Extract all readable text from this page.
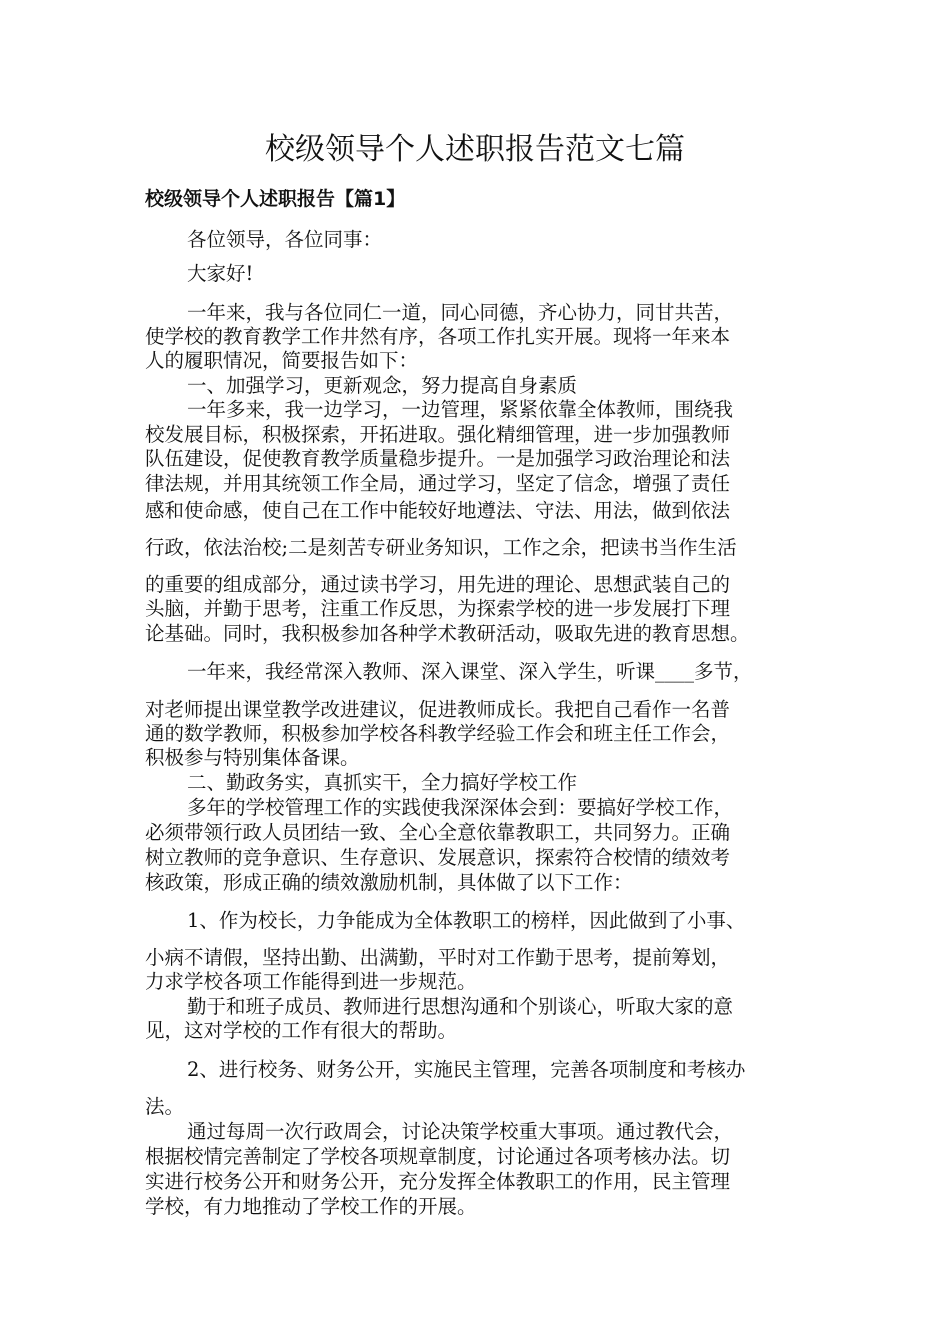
校级领导个人述职报告范文七篇
校级领导个人述职报告【篇1】
各位领导，各位同事：
大家好!
一年来，我与各位同仁一道，同心同德，齐心协力，同甘共苦，
使学校的教育教学工作井然有序，各项工作扎实开展。现将一年来本
人的履职情况，简要报告如下：
一、加强学习，更新观念，努力提高自身素质
一年多来，我一边学习，一边管理，紧紧依靠全体教师，围绕我
校发展目标，积极探索，开拓进取。强化精细管理，进一步加强教师
队伍建设，促使教育教学质量稳步提升。一是加强学习政治理论和法
律法规，并用其统领工作全局，通过学习，坚定了信念，增强了责任
感和使命感，使自己在工作中能较好地遵法、守法、用法，做到依法
行政，依法治校;二是刻苦专研业务知识，工作之余，把读书当作生活
的重要的组成部分，通过读书学习，用先进的理论、思想武装自己的
头脑，并勤于思考，注重工作反思，为探索学校的进一步发展打下理
论基础。同时，我积极参加各种学术教研活动，吸取先进的教育思想。
一年来，我经常深入教师、深入课堂、深入学生，听课____多节，
对老师提出课堂教学改进建议，促进教师成长。我把自己看作一名普
通的数学教师，积极参加学校各科教学经验工作会和班主任工作会，
积极参与特别集体备课。
二、勤政务实，真抓实干，全力搞好学校工作
多年的学校管理工作的实践使我深深体会到：要搞好学校工作，
必须带领行政人员团结一致、全心全意依靠教职工，共同努力。正确
树立教师的竞争意识、生存意识、发展意识，探索符合校情的绩效考
核政策，形成正确的绩效激励机制，具体做了以下工作：
1、作为校长，力争能成为全体教职工的榜样，因此做到了小事、
小病不请假，坚持出勤、出满勤，平时对工作勤于思考，提前筹划，
力求学校各项工作能得到进一步规范。
勤于和班子成员、教师进行思想沟通和个别谈心，听取大家的意
见，这对学校的工作有很大的帮助。
2、进行校务、财务公开，实施民主管理，完善各项制度和考核办
法。
通过每周一次行政周会，讨论决策学校重大事项。通过教代会，
根据校情完善制定了学校各项规章制度，讨论通过各项考核办法。切
实进行校务公开和财务公开，充分发挥全体教职工的作用，民主管理
学校，有力地推动了学校工作的开展。
